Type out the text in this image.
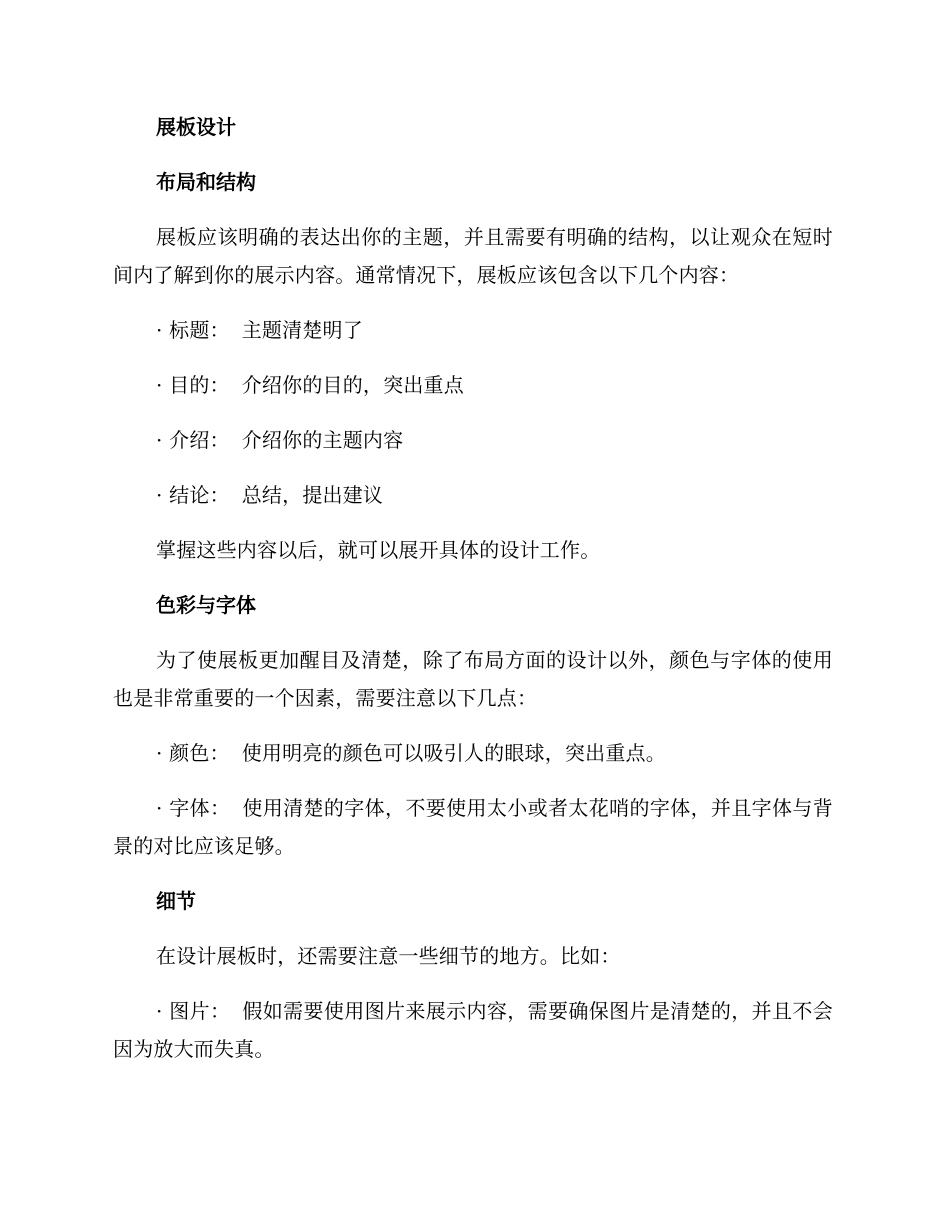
展板设计
布局和结构

展板应该明确的表达出你的主题，并且需要有明确的结构，以让观众在短时间内了解到你的展示内容。通常情况下，展板应该包含以下几个内容：

· 标题： 主题清楚明了

· 目的： 介绍你的目的，突出重点

· 介绍： 介绍你的主题内容

· 结论： 总结，提出建议

掌握这些内容以后，就可以展开具体的设计工作。

色彩与字体

为了使展板更加醒目及清楚，除了布局方面的设计以外，颜色与字体的使用也是非常重要的一个因素，需要注意以下几点：

· 颜色： 使用明亮的颜色可以吸引人的眼球，突出重点。

· 字体： 使用清楚的字体，不要使用太小或者太花哨的字体，并且字体与背景的对比应该足够。

细节

在设计展板时，还需要注意一些细节的地方。比如：

· 图片： 假如需要使用图片来展示内容，需要确保图片是清楚的，并且不会因为放大而失真。
